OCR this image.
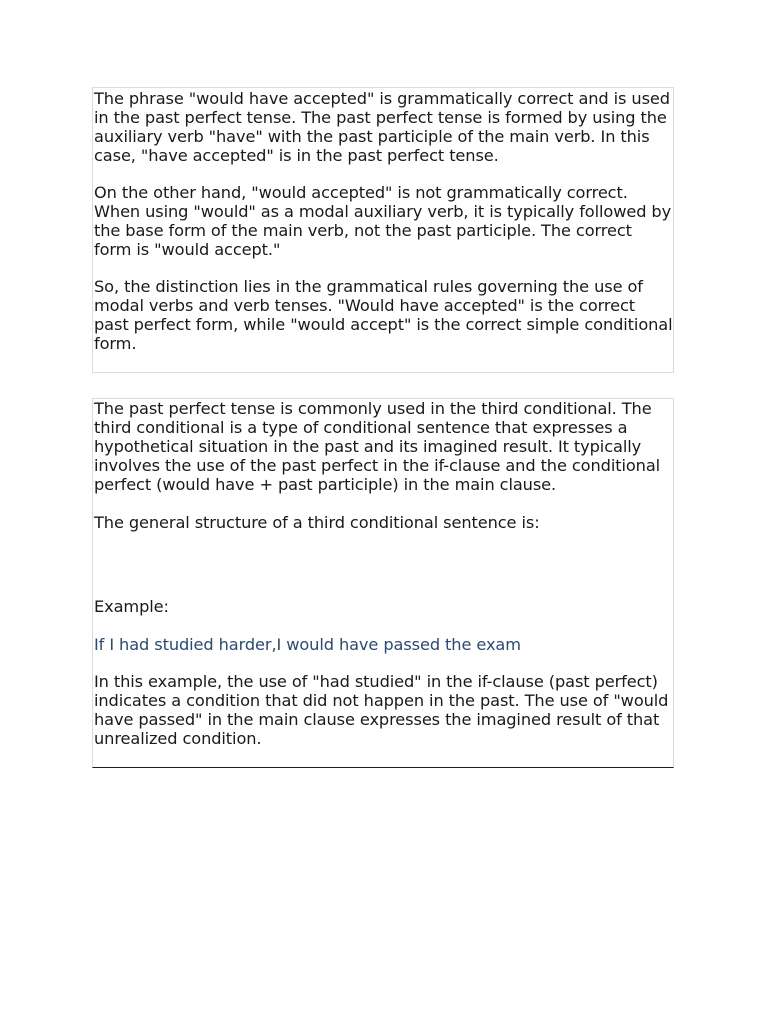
The phrase "would have accepted" is grammatically correct and is used in the past perfect tense. The past perfect tense is formed by using the auxiliary verb "have" with the past participle of the main verb. In this case, "have accepted" is in the past perfect tense.

On the other hand, "would accepted" is not grammatically correct. When using "would" as a modal auxiliary verb, it is typically followed by the base form of the main verb, not the past participle. The correct form is "would accept."

So, the distinction lies in the grammatical rules governing the use of modal verbs and verb tenses. "Would have accepted" is the correct past perfect form, while "would accept" is the correct simple conditional form.

The past perfect tense is commonly used in the third conditional. The third conditional is a type of conditional sentence that expresses a hypothetical situation in the past and its imagined result. It typically involves the use of the past perfect in the if-clause and the conditional perfect (would have + past participle) in the main clause.

The general structure of a third conditional sentence is:

Example:

If I had studied harder,I would have passed the exam

In this example, the use of "had studied" in the if-clause (past perfect) indicates a condition that did not happen in the past. The use of "would have passed" in the main clause expresses the imagined result of that unrealized condition.
